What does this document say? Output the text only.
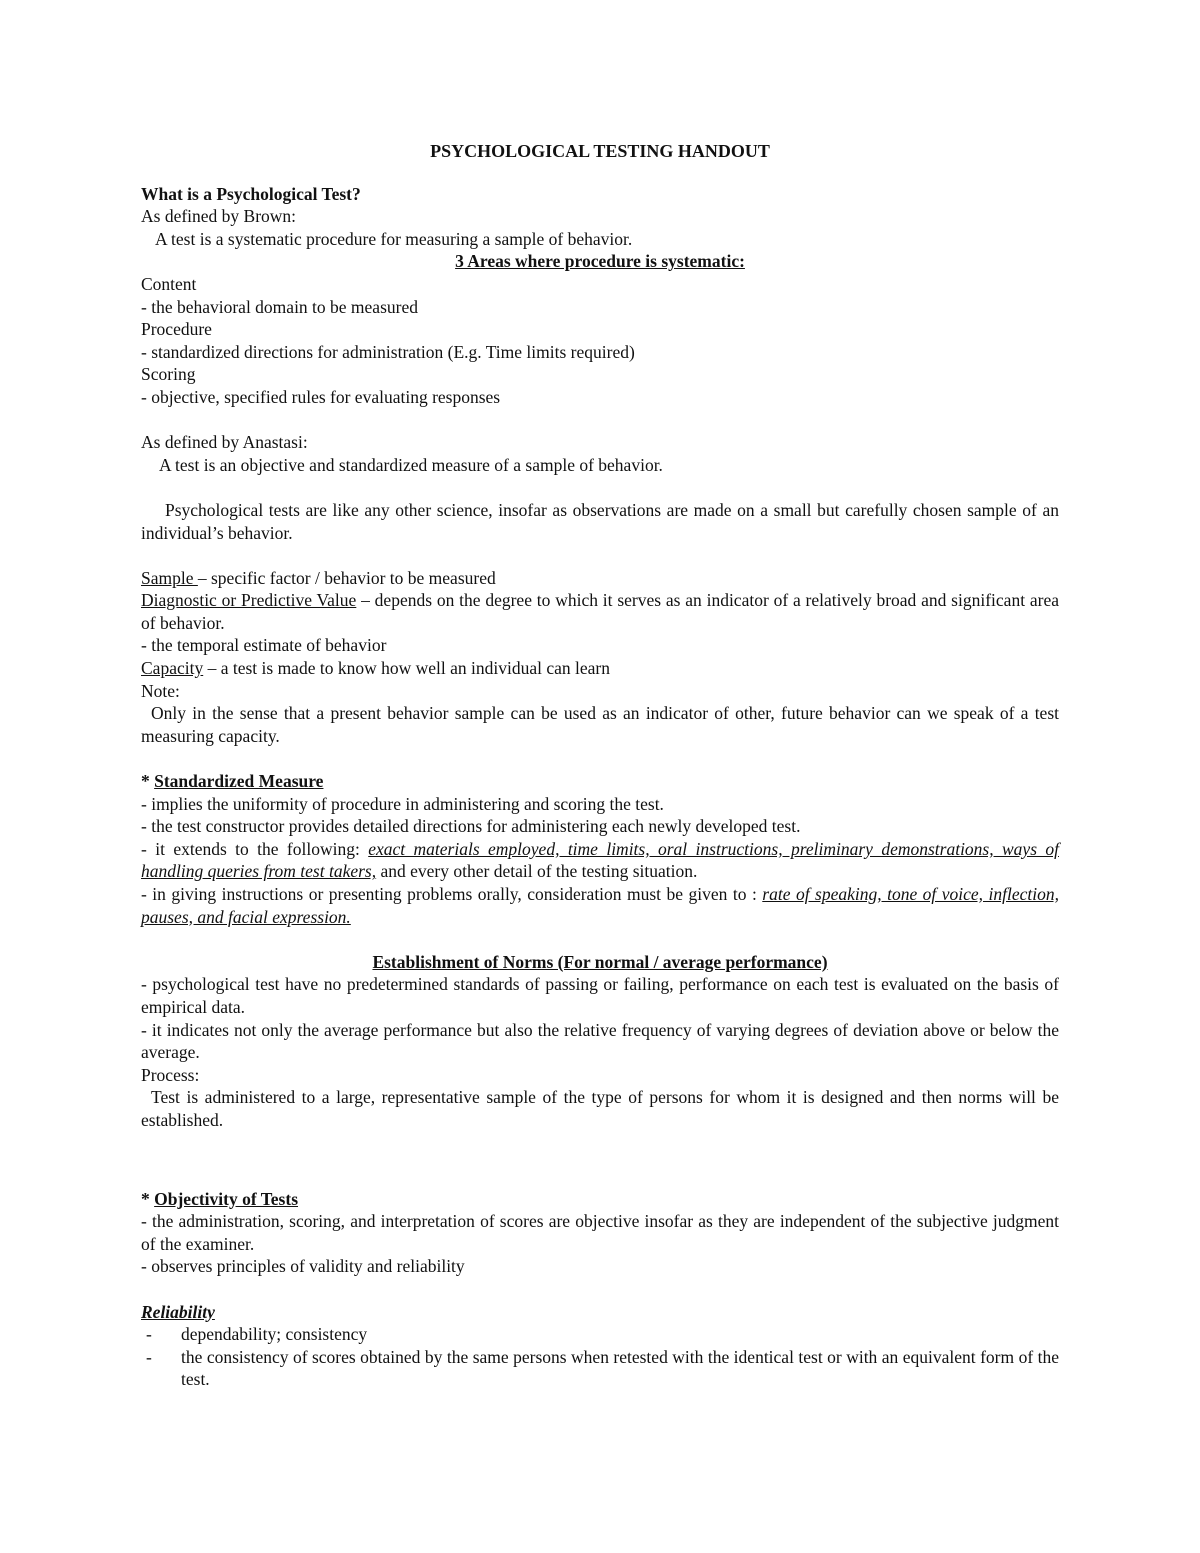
PSYCHOLOGICAL TESTING HANDOUT
What is a Psychological Test?
As defined by Brown:
A test is a systematic procedure for measuring a sample of behavior.
3 Areas where procedure is systematic:
Content
- the behavioral domain to be measured
Procedure
- standardized directions for administration (E.g. Time limits required)
Scoring
- objective, specified rules for evaluating responses
As defined by Anastasi:
A test is an objective and standardized measure of a sample of behavior.
Psychological tests are like any other science, insofar as observations are made on a small but carefully chosen sample of an individual’s behavior.
Sample – specific factor / behavior to be measured
Diagnostic or Predictive Value – depends on the degree to which it serves as an indicator of a relatively broad and significant area of behavior.
- the temporal estimate of behavior
Capacity – a test is made to know how well an individual can learn
Note:
Only in the sense that a present behavior sample can be used as an indicator of other, future behavior can we speak of a test measuring capacity.
* Standardized Measure
- implies the uniformity of procedure in administering and scoring the test.
- the test constructor provides detailed directions for administering each newly developed test.
- it extends to the following: exact materials employed, time limits, oral instructions, preliminary demonstrations, ways of handling queries from test takers, and every other detail of the testing situation.
- in giving instructions or presenting problems orally, consideration must be given to : rate of speaking, tone of voice, inflection, pauses, and facial expression.
Establishment of Norms (For normal / average performance)
- psychological test have no predetermined standards of passing or failing, performance on each test is evaluated on the basis of empirical data.
- it indicates not only the average performance but also the relative frequency of varying degrees of deviation above or below the average.
Process:
Test is administered to a large, representative sample of the type of persons for whom it is designed and then norms will be established.
* Objectivity of Tests
- the administration, scoring, and interpretation of scores are objective insofar as they are independent of the subjective judgment of the examiner.
- observes principles of validity and reliability
Reliability
- dependability; consistency
- the consistency of scores obtained by the same persons when retested with the identical test or with an equivalent form of the test.
